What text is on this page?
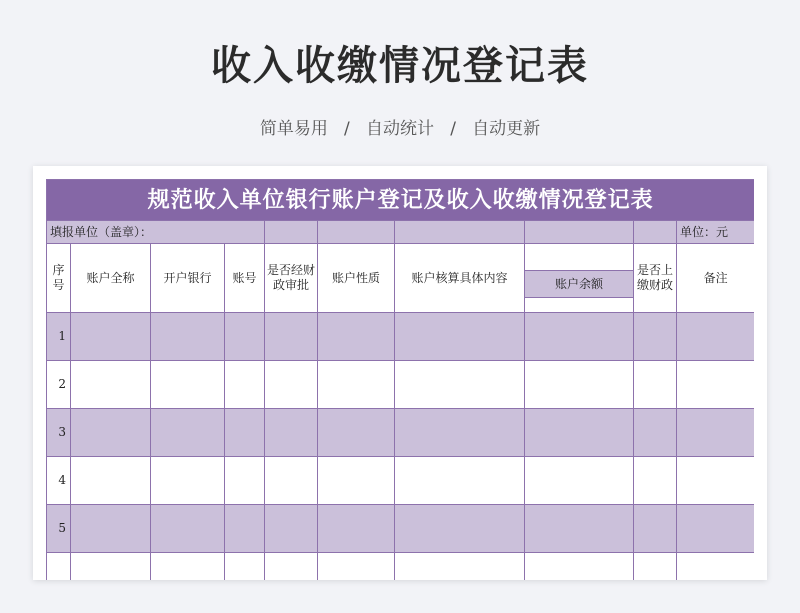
收入收缴情况登记表
简单易用   /   自动统计   /   自动更新
规范收入单位银行账户登记及收入收缴情况登记表									
填报单位（盖章）：									单位：元
序号	账户全称	开户银行	账号	是否经财政审批	账户性质	账户核算具体内容		是否上缴财政	备注
							账户余额		

1									
2									
3									
4									
5									
